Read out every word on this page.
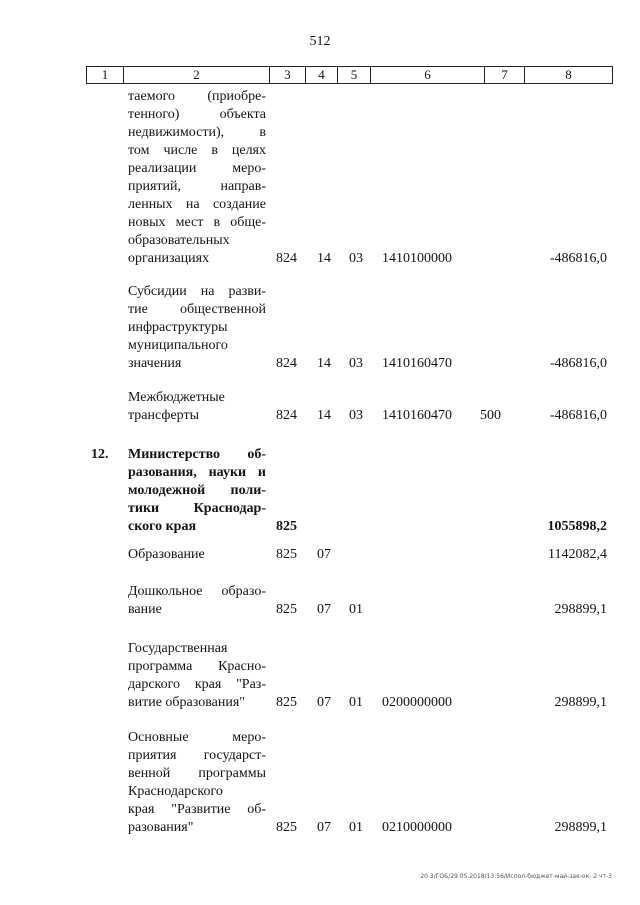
512
1	2	3	4	5	6	7	8
таемого (приобре-
тенного) объекта
недвижимости), в
том числе в целях
реализации меро-
приятий, направ-
ленных на создание
новых мест в обще-
образовательных
организациях	824 14 03 1410100000	-486816,0
Субсидии на разви-
тие общественной
инфраструктуры
муниципального
значения	824 14 03 1410160470	-486816,0
Межбюджетные
трансферты	824 14 03 1410160470 500	-486816,0
12. Министерство об-
разования, науки и
молодежной поли-
тики Краснодар-
ского края	825	1055898,2
Образование	825 07	1142082,4
Дошкольное образо-
вание	825 07 01	298899,1
Государственная
программа Красно-
дарского края "Раз-
витие образования"	825 07 01 0200000000	298899,1
Основные меро-
приятия государст-
венной программы
Краснодарского
края "Развитие об-
разования"	825 07 01 0210000000	298899,1
20 3/ГОБ/29.05.2018/13:56/Испол-бюджет-май-зак-ок- 2 чт-3
